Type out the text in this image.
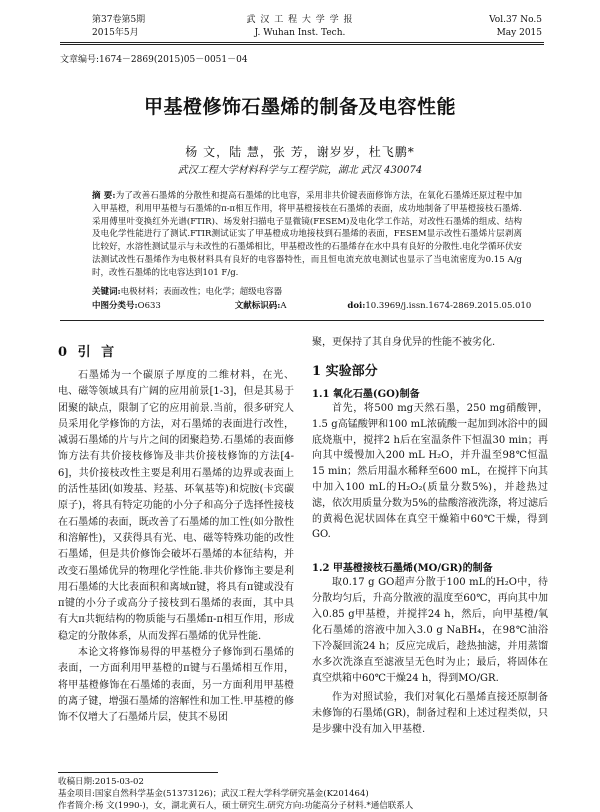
第37卷第5期
2015年5月
武 汉 工 程 大 学 学 报
J. Wuhan Inst. Tech.
Vol.37 No.5
May 2015
文章编号:1674－2869(2015)05－0051－04
甲基橙修饰石墨烯的制备及电容性能
杨 文，陆 慧，张 芳，谢岁岁，杜飞鹏*
武汉工程大学材料科学与工程学院，湖北 武汉 430074
摘 要:为了改善石墨烯的分散性和提高石墨烯的比电容，采用非共价键表面修饰方法，在氧化石墨烯还原过程中加入甲基橙，利用甲基橙与石墨烯的π-π相互作用，将甲基橙接枝在石墨烯的表面，成功地制备了甲基橙接枝石墨烯.采用傅里叶变换红外光谱(FTIR)、场发射扫描电子显微镜(FESEM)及电化学工作站，对改性石墨烯的组成、结构及电化学性能进行了测试.FTIR测试证实了甲基橙成功地接枝到石墨烯的表面，FESEM显示改性石墨烯片层剥离比较好，水溶性测试显示与未改性的石墨烯相比，甲基橙改性的石墨烯存在水中具有良好的分散性.电化学循环伏安法测试改性石墨烯作为电极材料具有良好的电容器特性，而且恒电流充放电测试也显示了当电流密度为0.15 A/g时，改性石墨烯的比电容达到101 F/g.
关键词:电极材料；表面改性；电化学；超级电容器
中图分类号:O633	文献标识码:A	doi:10.3969/j.issn.1674-2869.2015.05.010
0 引 言

石墨烯为一个碳原子厚度的二维材料，在光、电、磁等领域具有广阔的应用前景[1-3]，但是其易于团聚的缺点，限制了它的应用前景.当前，很多研究人员采用化学修饰的方法，对石墨烯的表面进行改性，减弱石墨烯的片与片之间的团聚趋势.石墨烯的表面修饰方法有共价接枝修饰及非共价接枝修饰的方法[4-6]，共价接枝改性主要是利用石墨烯的边界或表面上的活性基团(如羧基、羟基、环氧基等)和烷胺(卡宾碳原子)，将具有特定功能的小分子和高分子选择性接枝在石墨烯的表面，既改善了石墨烯的加工性(如分散性和溶解性)，又获得具有光、电、磁等特殊功能的改性石墨烯，但是共价修饰会破坏石墨烯的本征结构，并改变石墨烯优异的物理化学性能.非共价修饰主要是利用石墨烯的大比表面积和离域π键，将具有π键或没有π键的小分子或高分子接枝到石墨烯的表面，其中具有大π共轭结构的物质能与石墨烯π-π相互作用，形成稳定的分散体系，从而发挥石墨烯的优异性能.

本论文将修饰易得的甲基橙分子修饰到石墨烯的表面，一方面利用甲基橙的π键与石墨烯相互作用，将甲基橙修饰在石墨烯的表面，另一方面利用甲基橙的离子键，增强石墨烯的溶解性和加工性.甲基橙的修饰不仅增大了石墨烯片层，使其不易团

聚，更保持了其自身优异的性能不被劣化.
1 实验部分
1.1 氧化石墨(GO)制备

首先，将500 mg天然石墨，250 mg硝酸钾，1.5 g高锰酸钾和100 mL浓硫酸一起加到冰浴中的圆底烧瓶中，搅拌2 h后在室温条件下恒温30 min；再向其中缓慢加入200 mL H₂O，并升温至98℃恒温15 min；然后用温水稀释至600 mL，在搅拌下向其中加入100 mL的H₂O₂(质量分数5%)，并趁热过滤，依次用质量分数为5%的盐酸溶液洗涤，将过滤后的黄褐色泥状固体在真空干燥箱中60℃干燥，得到GO.

1.2 甲基橙接枝石墨烯(MO/GR)的制备

取0.17 g GO超声分散于100 mL的H₂O中，待分散均匀后，升高分散液的温度至60℃，再向其中加入0.85 g甲基橙，并搅拌24 h，然后，向甲基橙/氧化石墨烯的溶液中加入3.0 g NaBH₄，在98℃油浴下冷凝回流24 h；反应完成后，趁热抽滤，并用蒸馏水多次洗涤直至滤液呈无色时为止；最后，将固体在真空烘箱中60℃干燥24 h，得到MO/GR.

作为对照试验，我们对氧化石墨烯直接还原制备未修饰的石墨烯(GR)，制备过程和上述过程类似，只是步骤中没有加入甲基橙.

收稿日期:2015-03-02
基金项目:国家自然科学基金(51373126)；武汉工程大学科学研究基金(K201464)
作者简介:杨 文(1990-)，女，湖北黄石人，硕士研究生.研究方向:功能高分子材料.*通信联系人
